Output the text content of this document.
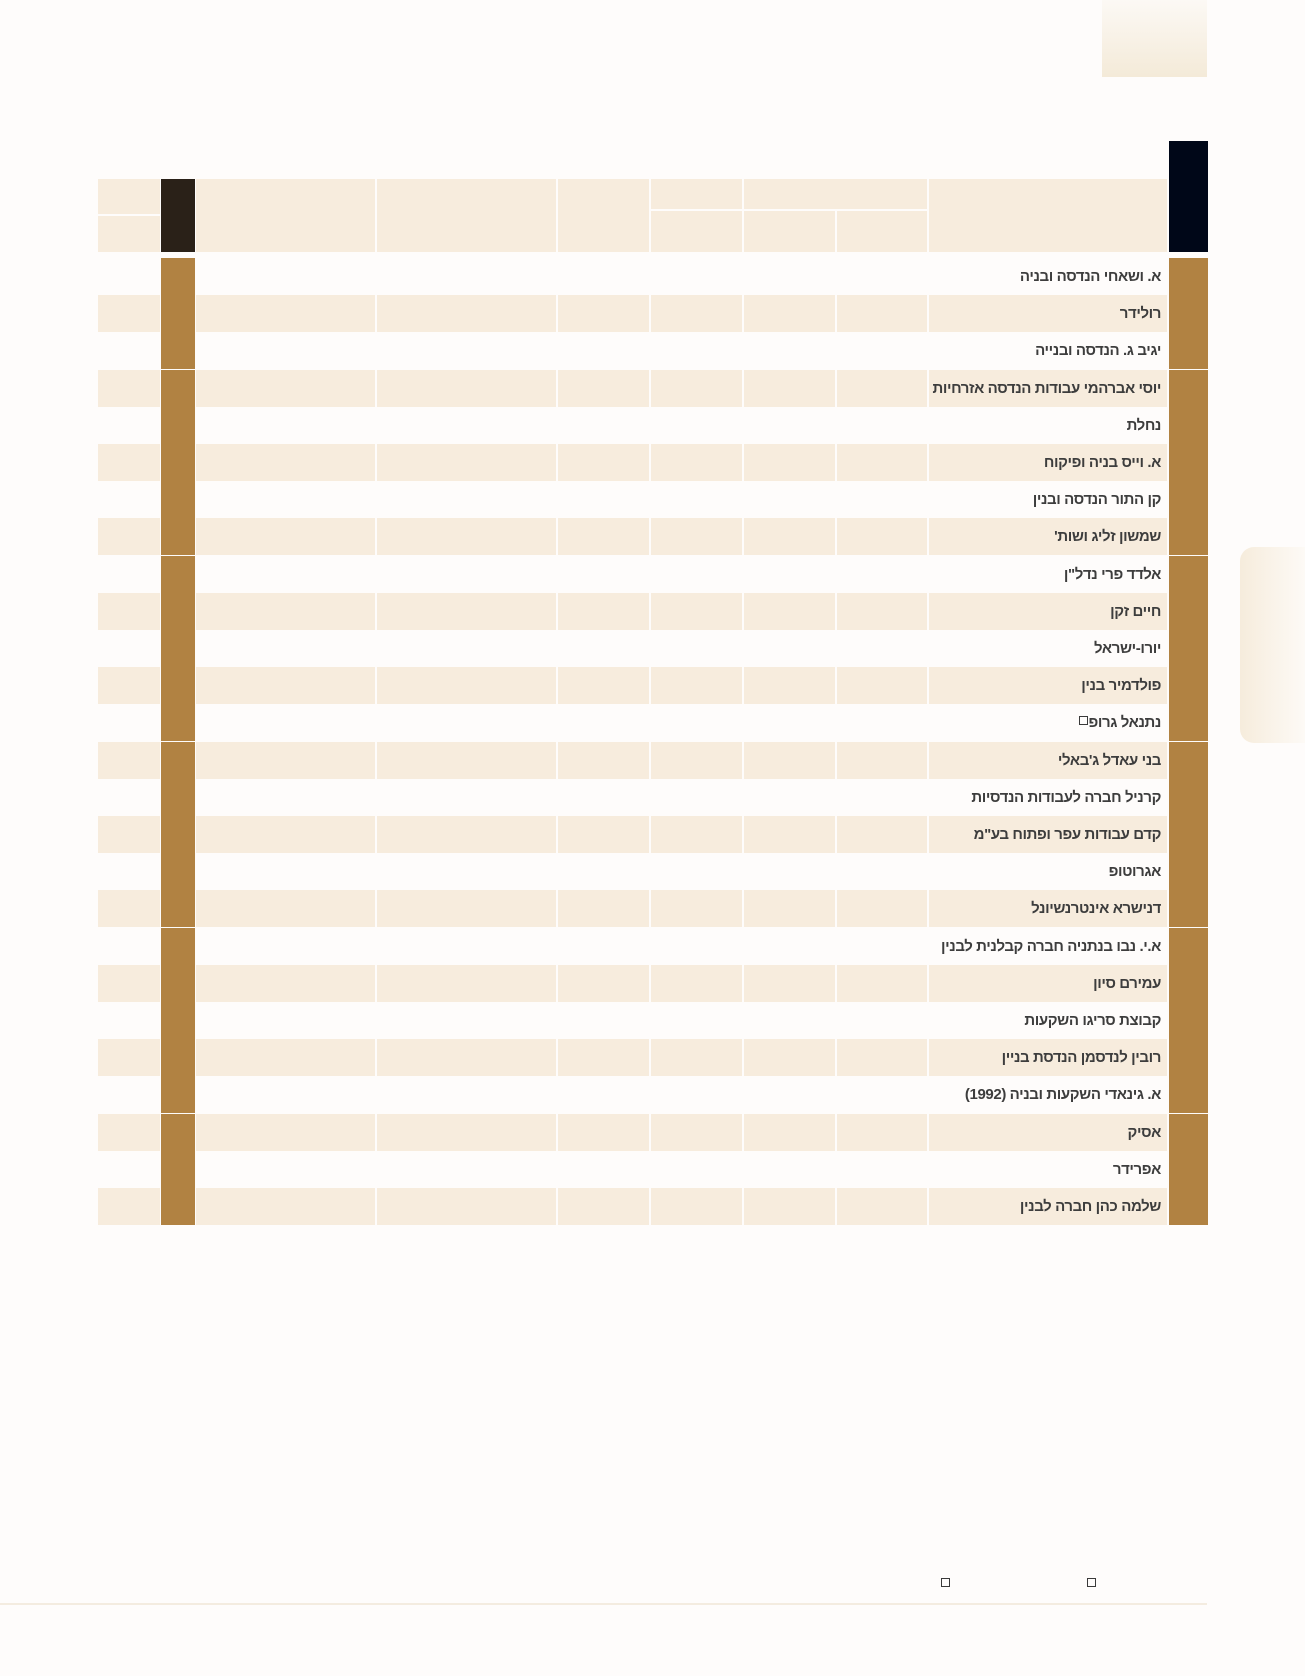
א. ושאחי הנדסה ובניה
רולידר
יגיב ג. הנדסה ובנייה
יוסי אברהמי עבודות הנדסה אזרחיות
נחלת
א. וייס בניה ופיקוח
קן התור הנדסה ובנין
שמשון זליג ושות'
אלדד פרי נדל"ן
חיים זקן
יורו-ישראל
פולדמיר בנין
נתנאל גרופ
בני עאדל ג'באלי
קרניל חברה לעבודות הנדסיות
קדם עבודות עפר ופתוח בע"מ
אגרוטופ
דנישרא אינטרנשיונל
א.י. נבו בנתניה חברה קבלנית לבנין
עמירם סיון
קבוצת סריגו השקעות
רובין לנדסמן הנדסת בניין
א. גינאדי השקעות ובניה (1992)
אסיק
אפרידר
שלמה כהן חברה לבנין
